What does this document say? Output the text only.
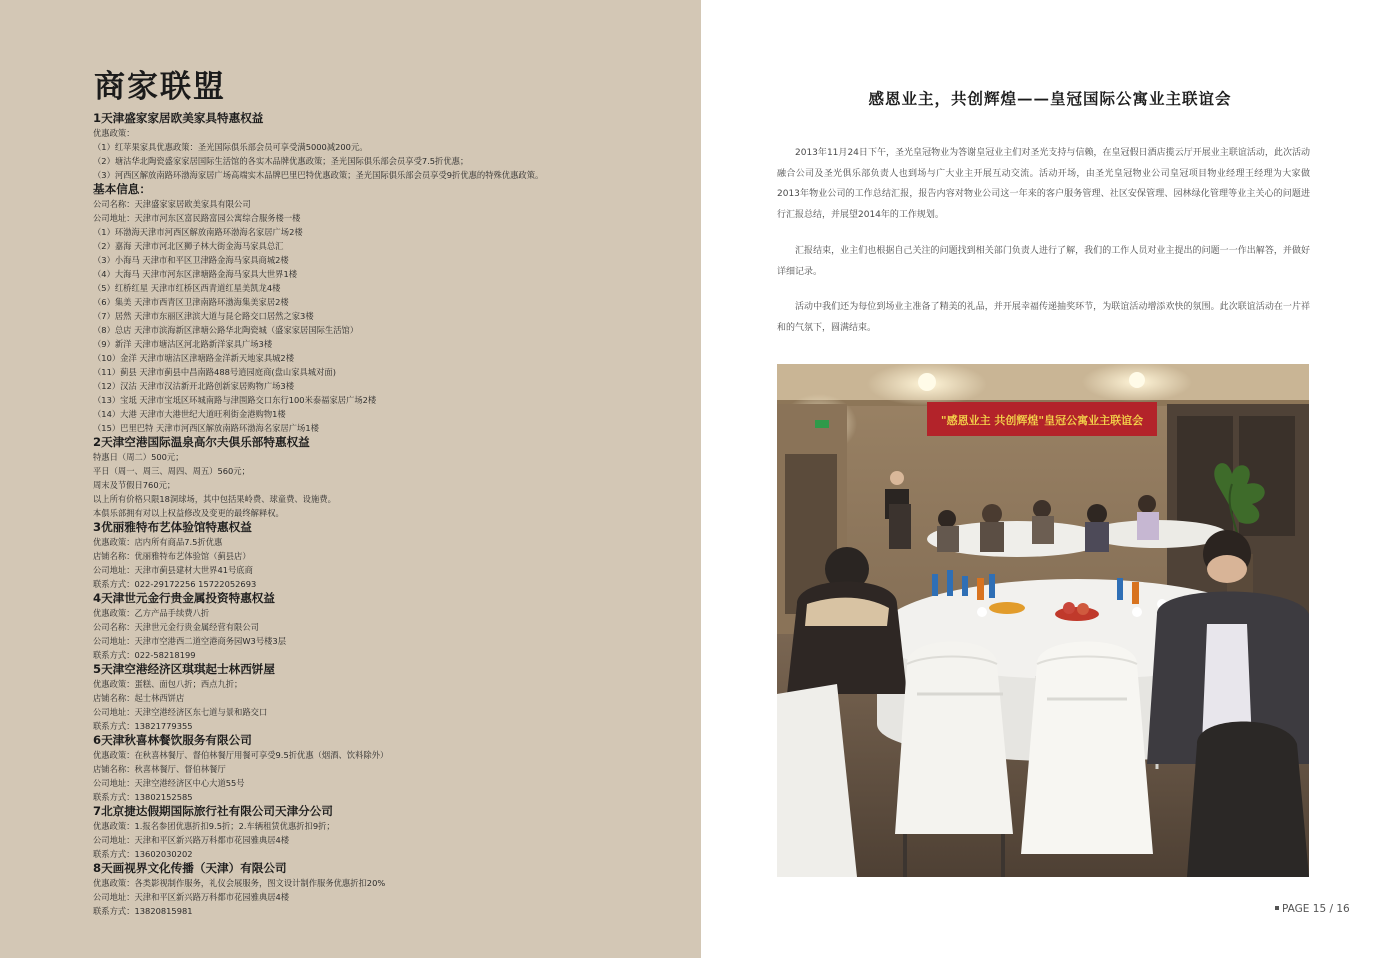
商家联盟

1天津盛家家居欧美家具特惠权益

优惠政策：

（1）红苹果家具优惠政策：圣光国际俱乐部会员可享受满5000减200元。

（2）塘沽华北陶瓷盛家家居国际生活馆的各实木品牌优惠政策；圣光国际俱乐部会员享受7.5折优惠；

（3）河西区解放南路环渤海家居广场高端实木品牌巴里巴特优惠政策；圣光国际俱乐部会员享受9折优惠的特殊优惠政策。

基本信息：

公司名称：天津盛家家居欧美家具有限公司

公司地址：天津市河东区富民路富园公寓综合服务楼一楼

（1）环渤海天津市河西区解放南路环渤海名家居广场2楼

（2）嘉海 天津市河北区狮子林大街金海马家具总汇

（3）小海马 天津市和平区卫津路金海马家具商城2楼

（4）大海马 天津市河东区津塘路金海马家具大世界1楼

（5）红桥红星 天津市红桥区西青道红星美凯龙4楼

（6）集美 天津市西青区卫津南路环渤海集美家居2楼

（7）居然 天津市东丽区津滨大道与昆仑路交口居然之家3楼

（8）总店 天津市滨海新区津塘公路华北陶瓷城（盛家家居国际生活馆）

（9）新洋 天津市塘沽区河北路新洋家具广场3楼

（10）金洋 天津市塘沽区津塘路金洋新天地家具城2楼

（11）蓟县 天津市蓟县中昌南路488号逍园庭商(盘山家具城对面)

（12）汉沽 天津市汉沽新开北路创新家居购物广场3楼

（13）宝坻 天津市宝坻区环城南路与津围路交口东行100米泰福家居广场2楼

（14）大港 天津市大港世纪大道旺利街金港购物1楼

（15）巴里巴特 天津市河西区解放南路环渤海名家居广场1楼

2天津空港国际温泉高尔夫俱乐部特惠权益

特惠日（周二）500元；

平日（周一、周三、周四、周五）560元；

周末及节假日760元；

以上所有价格只限18洞球场，其中包括果岭费、球童费、设施费。

本俱乐部拥有对以上权益修改及变更的最终解释权。

3优丽雅特布艺体验馆特惠权益

优惠政策：店内所有商品7.5折优惠

店铺名称：优丽雅特布艺体验馆（蓟县店）

公司地址：天津市蓟县建材大世界41号底商

联系方式：022-29172256 15722052693

4天津世元金行贵金属投资特惠权益

优惠政策：乙方产品手续费八折

公司名称：天津世元金行贵金属经营有限公司

公司地址：天津市空港西二道空港商务园W3号楼3层

联系方式：022-58218199

5天津空港经济区琪琪起士林西饼屋

优惠政策：蛋糕、面包八折；西点九折；

店铺名称：起士林西饼店

公司地址：天津空港经济区东七道与景和路交口

联系方式：13821779355

6天津秋喜林餐饮服务有限公司

优惠政策：在秋喜林餐厅、督伯林餐厅用餐可享受9.5折优惠（烟酒、饮料除外）

店铺名称：秋喜林餐厅、督伯林餐厅

公司地址：天津空港经济区中心大道55号

联系方式：13802152585

7北京捷达假期国际旅行社有限公司天津分公司

优惠政策：1.报名参团优惠折扣9.5折；2.车辆租赁优惠折扣9折；

公司地址：天津和平区新兴路万科都市花园雅典居4楼

联系方式：13602030202

8天画视界文化传播（天津）有限公司

优惠政策：各类影视制作服务，礼仪会展服务，图文设计制作服务优惠折扣20%

公司地址：天津和平区新兴路万科都市花园雅典居4楼

联系方式：13820815981

感恩业主，共创辉煌——皇冠国际公寓业主联谊会

2013年11月24日下午，圣光皇冠物业为答谢皇冠业主们对圣光支持与信赖，在皇冠假日酒店揽云厅开展业主联谊活动，此次活动融合公司及圣光俱乐部负责人也到场与广大业主开展互动交流。活动开场，由圣光皇冠物业公司皇冠项目物业经理王经理为大家做2013年物业公司的工作总结汇报，报告内容对物业公司这一年来的客户服务管理、社区安保管理、园林绿化管理等业主关心的问题进行汇报总结，并展望2014年的工作规划。

汇报结束，业主们也根据自己关注的问题找到相关部门负责人进行了解，我们的工作人员对业主提出的问题一一作出解答，并做好详细记录。

活动中我们还为每位到场业主准备了精美的礼品，并开展幸福传递抽奖环节，为联谊活动增添欢快的氛围。此次联谊活动在一片祥和的气氛下，圆满结束。

"感恩业主 共创辉煌"皇冠公寓业主联谊会

PAGE 15 / 16
